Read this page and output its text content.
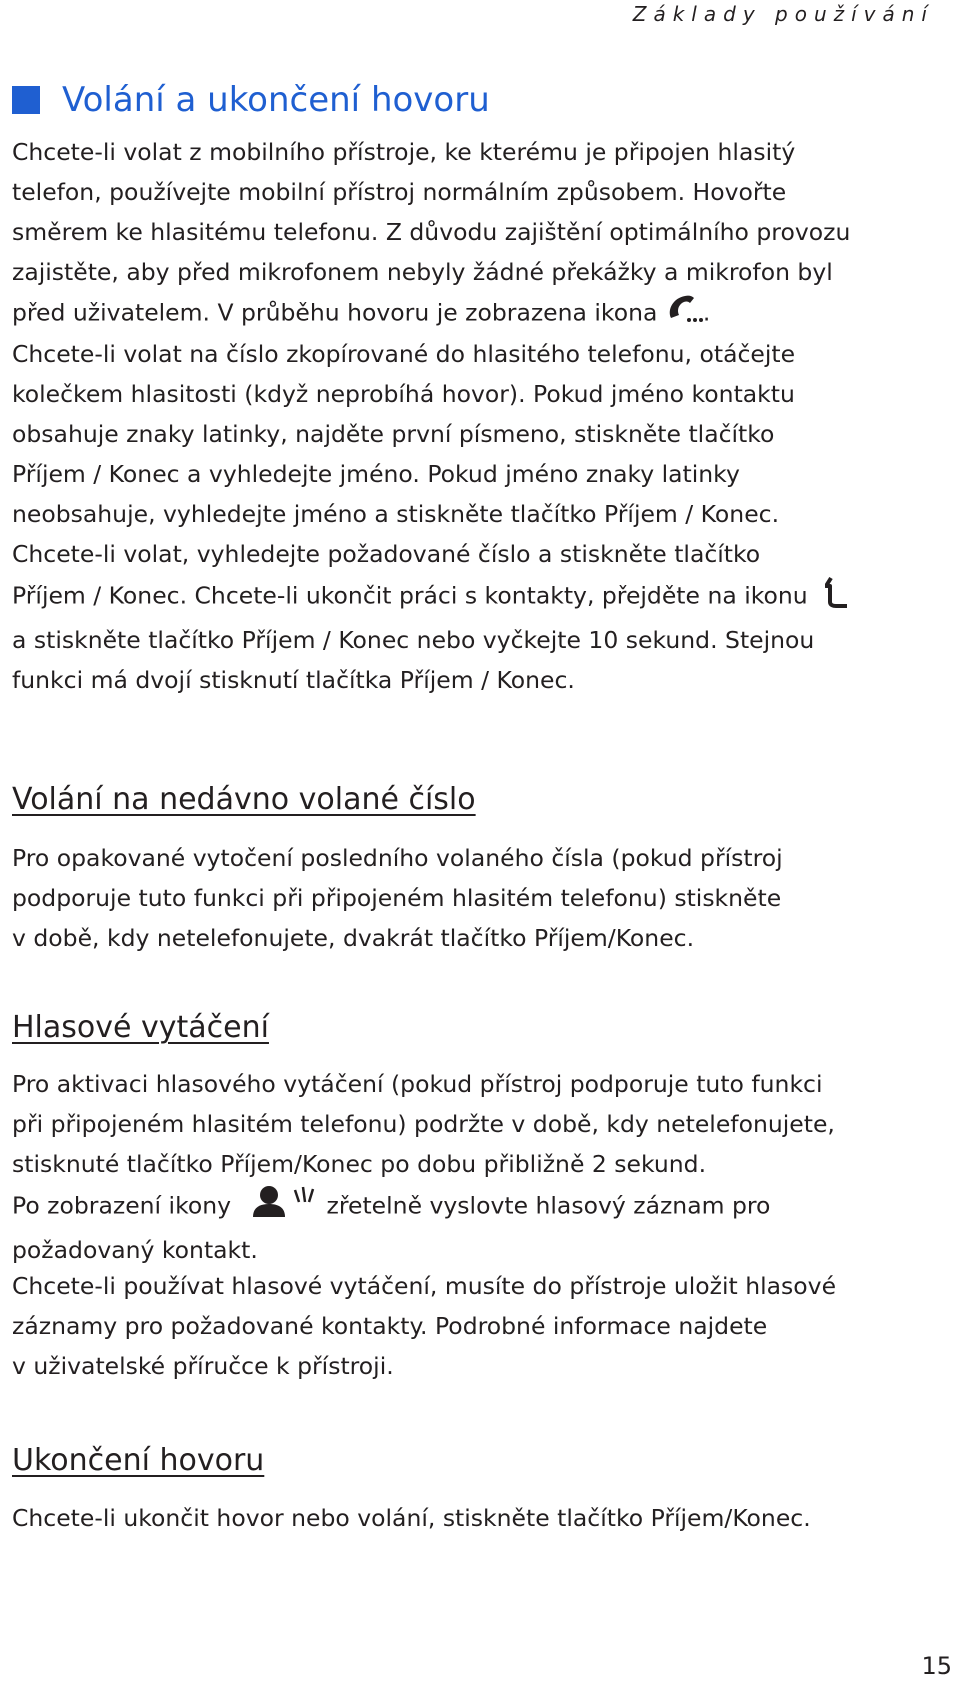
Základy používání
Volání a ukončení hovoru
Chcete-li volat z mobilního přístroje, ke kterému je připojen hlasitý
telefon, používejte mobilní přístroj normálním způsobem. Hovořte
směrem ke hlasitému telefonu. Z důvodu zajištění optimálního provozu
zajistěte, aby před mikrofonem nebyly žádné překážky a mikrofon byl
před uživatelem. V průběhu hovoru je zobrazena ikona .
Chcete-li volat na číslo zkopírované do hlasitého telefonu, otáčejte
kolečkem hlasitosti (když neprobíhá hovor). Pokud jméno kontaktu
obsahuje znaky latinky, najděte první písmeno, stiskněte tlačítko
Příjem / Konec a vyhledejte jméno. Pokud jméno znaky latinky
neobsahuje, vyhledejte jméno a stiskněte tlačítko Příjem / Konec.
Chcete-li volat, vyhledejte požadované číslo a stiskněte tlačítko
Příjem / Konec. Chcete-li ukončit práci s kontakty, přejděte na ikonu
a stiskněte tlačítko Příjem / Konec nebo vyčkejte 10 sekund. Stejnou
funkci má dvojí stisknutí tlačítka Příjem / Konec.
Volání na nedávno volané číslo
Pro opakované vytočení posledního volaného čísla (pokud přístroj
podporuje tuto funkci při připojeném hlasitém telefonu) stiskněte
v době, kdy netelefonujete, dvakrát tlačítko Příjem/Konec.
Hlasové vytáčení
Pro aktivaci hlasového vytáčení (pokud přístroj podporuje tuto funkci
při připojeném hlasitém telefonu) podržte v době, kdy netelefonujete,
stisknuté tlačítko Příjem/Konec po dobu přibližně 2 sekund.
Po zobrazení ikony	zřetelně vyslovte hlasový záznam pro
požadovaný kontakt.
Chcete-li používat hlasové vytáčení, musíte do přístroje uložit hlasové
záznamy pro požadované kontakty. Podrobné informace najdete
v uživatelské příručce k přístroji.
Ukončení hovoru
Chcete-li ukončit hovor nebo volání, stiskněte tlačítko Příjem/Konec.
15
